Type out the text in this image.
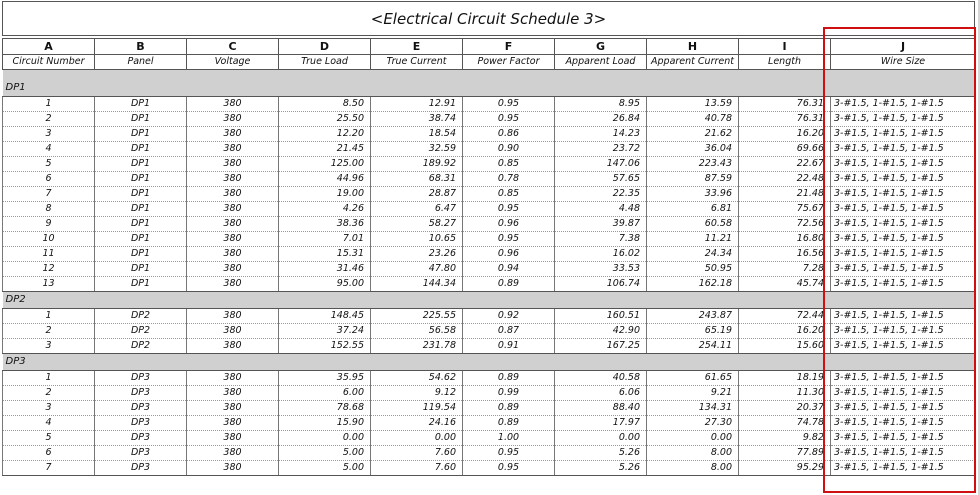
<Electrical Circuit Schedule 3>
A	B	C	D	E	F	G	H	I	J
Circuit Number	Panel	Voltage	True Load	True Current	Power Factor	Apparent Load	Apparent Current	Length	Wire Size

DP1									
1	DP1	380	8.50	12.91	0.95	8.95	13.59	76.31	3-#1.5, 1-#1.5, 1-#1.5
2	DP1	380	25.50	38.74	0.95	26.84	40.78	76.31	3-#1.5, 1-#1.5, 1-#1.5
3	DP1	380	12.20	18.54	0.86	14.23	21.62	16.20	3-#1.5, 1-#1.5, 1-#1.5
4	DP1	380	21.45	32.59	0.90	23.72	36.04	69.66	3-#1.5, 1-#1.5, 1-#1.5
5	DP1	380	125.00	189.92	0.85	147.06	223.43	22.67	3-#1.5, 1-#1.5, 1-#1.5
6	DP1	380	44.96	68.31	0.78	57.65	87.59	22.48	3-#1.5, 1-#1.5, 1-#1.5
7	DP1	380	19.00	28.87	0.85	22.35	33.96	21.48	3-#1.5, 1-#1.5, 1-#1.5
8	DP1	380	4.26	6.47	0.95	4.48	6.81	75.67	3-#1.5, 1-#1.5, 1-#1.5
9	DP1	380	38.36	58.27	0.96	39.87	60.58	72.56	3-#1.5, 1-#1.5, 1-#1.5
10	DP1	380	7.01	10.65	0.95	7.38	11.21	16.80	3-#1.5, 1-#1.5, 1-#1.5
11	DP1	380	15.31	23.26	0.96	16.02	24.34	16.56	3-#1.5, 1-#1.5, 1-#1.5
12	DP1	380	31.46	47.80	0.94	33.53	50.95	7.28	3-#1.5, 1-#1.5, 1-#1.5
13	DP1	380	95.00	144.34	0.89	106.74	162.18	45.74	3-#1.5, 1-#1.5, 1-#1.5
DP2									
1	DP2	380	148.45	225.55	0.92	160.51	243.87	72.44	3-#1.5, 1-#1.5, 1-#1.5
2	DP2	380	37.24	56.58	0.87	42.90	65.19	16.20	3-#1.5, 1-#1.5, 1-#1.5
3	DP2	380	152.55	231.78	0.91	167.25	254.11	15.60	3-#1.5, 1-#1.5, 1-#1.5
DP3									
1	DP3	380	35.95	54.62	0.89	40.58	61.65	18.19	3-#1.5, 1-#1.5, 1-#1.5
2	DP3	380	6.00	9.12	0.99	6.06	9.21	11.30	3-#1.5, 1-#1.5, 1-#1.5
3	DP3	380	78.68	119.54	0.89	88.40	134.31	20.37	3-#1.5, 1-#1.5, 1-#1.5
4	DP3	380	15.90	24.16	0.89	17.97	27.30	74.78	3-#1.5, 1-#1.5, 1-#1.5
5	DP3	380	0.00	0.00	1.00	0.00	0.00	9.82	3-#1.5, 1-#1.5, 1-#1.5
6	DP3	380	5.00	7.60	0.95	5.26	8.00	77.89	3-#1.5, 1-#1.5, 1-#1.5
7	DP3	380	5.00	7.60	0.95	5.26	8.00	95.29	3-#1.5, 1-#1.5, 1-#1.5
